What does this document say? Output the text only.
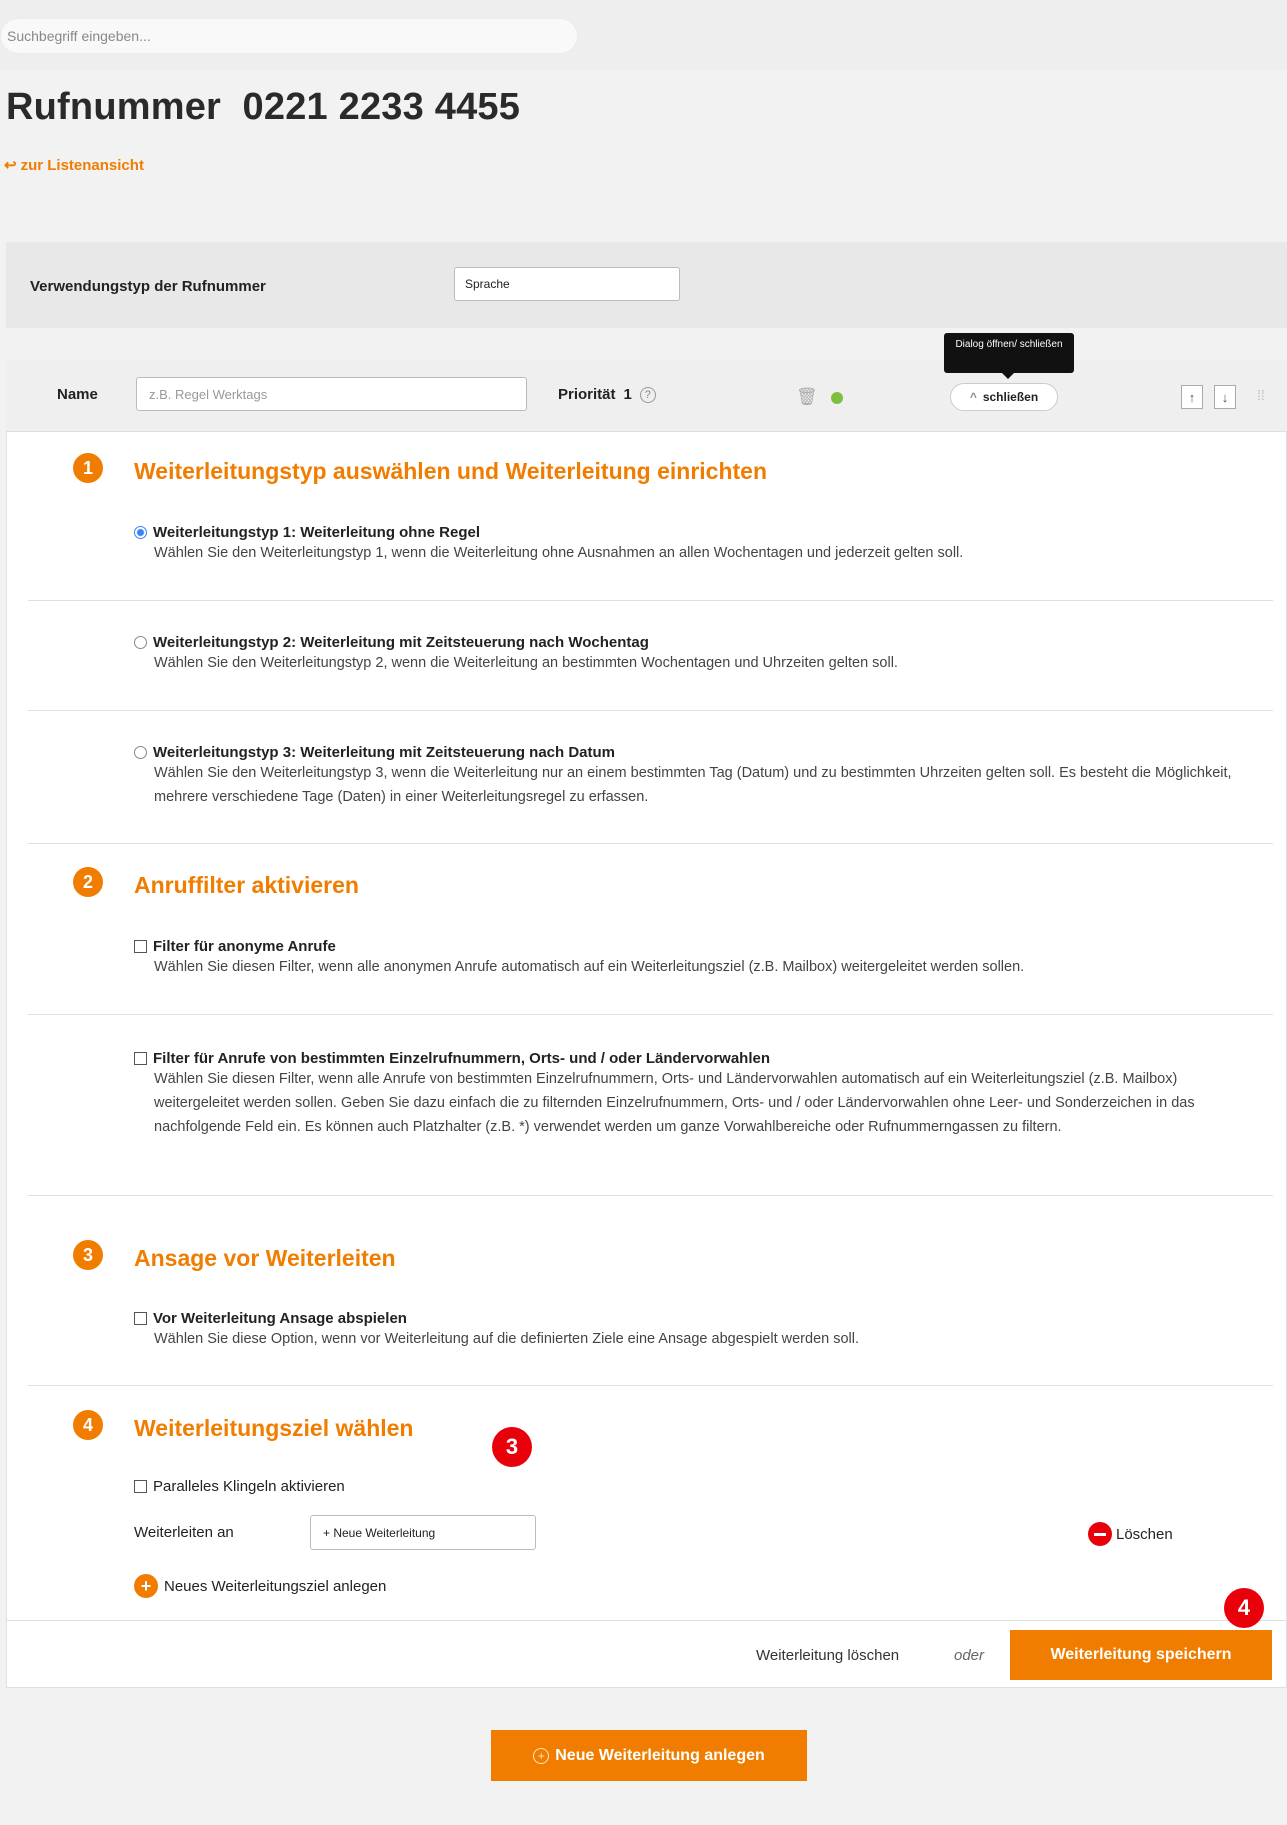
Suchbegriff eingeben...
Rufnummer  0221 2233 4455
↩ zur Listenansicht
Verwendungstyp der Rufnummer	Sprache
Name	z.B. Regel Werktags	Priorität 1	?	🗑
Dialog öffnen/ schließen
^ schließen	↑	↓	⁞⁞
1	Weiterleitungstyp auswählen und Weiterleitung einrichten
Weiterleitungstyp 1: Weiterleitung ohne Regel
Wählen Sie den Weiterleitungstyp 1, wenn die Weiterleitung ohne Ausnahmen an allen Wochentagen und jederzeit gelten soll.
Weiterleitungstyp 2: Weiterleitung mit Zeitsteuerung nach Wochentag
Wählen Sie den Weiterleitungstyp 2, wenn die Weiterleitung an bestimmten Wochentagen und Uhrzeiten gelten soll.
Weiterleitungstyp 3: Weiterleitung mit Zeitsteuerung nach Datum
Wählen Sie den Weiterleitungstyp 3, wenn die Weiterleitung nur an einem bestimmten Tag (Datum) und zu bestimmten Uhrzeiten gelten soll. Es besteht die Möglichkeit, mehrere verschiedene Tage (Daten) in einer Weiterleitungsregel zu erfassen.
2	Anruffilter aktivieren
Filter für anonyme Anrufe
Wählen Sie diesen Filter, wenn alle anonymen Anrufe automatisch auf ein Weiterleitungsziel (z.B. Mailbox) weitergeleitet werden sollen.
Filter für Anrufe von bestimmten Einzelrufnummern, Orts- und / oder Ländervorwahlen
Wählen Sie diesen Filter, wenn alle Anrufe von bestimmten Einzelrufnummern, Orts- und Ländervorwahlen automatisch auf ein Weiterleitungsziel (z.B. Mailbox) weitergeleitet werden sollen. Geben Sie dazu einfach die zu filternden Einzelrufnummern, Orts- und / oder Ländervorwahlen ohne Leer- und Sonderzeichen in das nachfolgende Feld ein. Es können auch Platzhalter (z.B. *) verwendet werden um ganze Vorwahlbereiche oder Rufnummerngassen zu filtern.
3	Ansage vor Weiterleiten
Vor Weiterleitung Ansage abspielen
Wählen Sie diese Option, wenn vor Weiterleitung auf die definierten Ziele eine Ansage abgespielt werden soll.
4	Weiterleitungsziel wählen
3
Paralleles Klingeln aktivieren
Weiterleiten an	+ Neue Weiterleitung	Löschen
+ Neues Weiterleitungsziel anlegen
4
Weiterleitung löschen	oder	Weiterleitung speichern
+ Neue Weiterleitung anlegen
